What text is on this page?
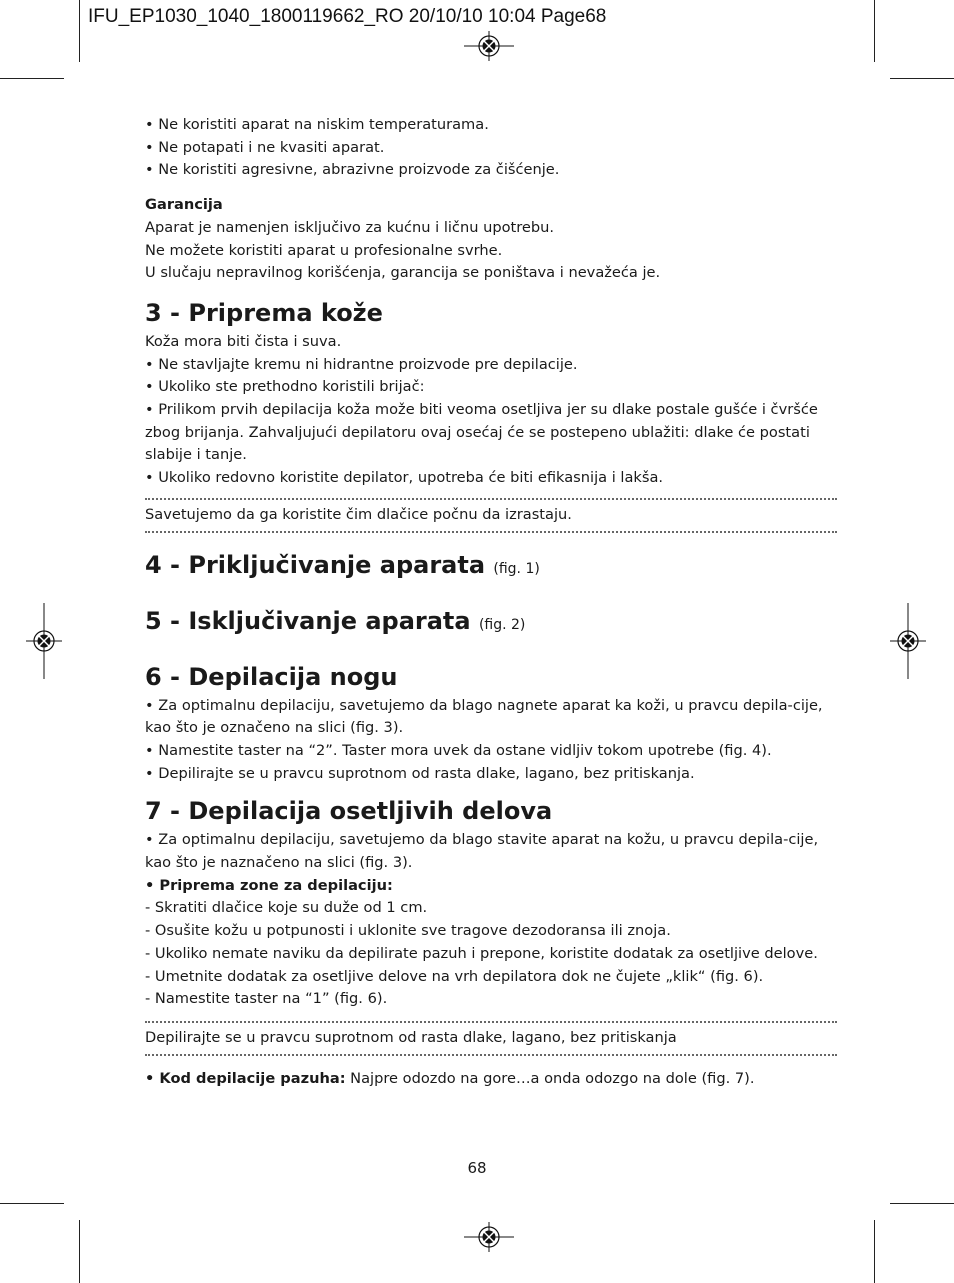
IFU_EP1030_1040_1800119662_RO 20/10/10 10:04 Page68

• Ne koristiti aparat na niskim temperaturama.

• Ne potapati i ne kvasiti aparat.

• Ne koristiti agresivne, abrazivne proizvode za čišćenje.

Garancija

Aparat je namenjen isključivo za kućnu i ličnu upotrebu.

Ne možete koristiti aparat u profesionalne svrhe.

U slučaju nepravilnog korišćenja, garancija se poništava i nevažeća je.

3 - Priprema kože

Koža mora biti čista i suva.

• Ne stavljajte kremu ni hidrantne proizvode pre depilacije.

• Ukoliko ste prethodno koristili brijač:

• Prilikom prvih depilacija koža može biti veoma osetljiva jer su dlake postale gušće i čvršće zbog brijanja. Zahvaljujući depilatoru ovaj osećaj će se postepeno ublažiti: dlake će postati slabije i tanje.

• Ukoliko redovno koristite depilator, upotreba će biti efikasnija i lakša.

Savetujemo da ga koristite čim dlačice počnu da izrastaju.

4 - Priključivanje aparata (fig. 1)
5 - Isključivanje aparata (fig. 2)
6 - Depilacija nogu

• Za optimalnu depilaciju, savetujemo da blago nagnete aparat ka koži, u pravcu depila-cije, kao što je označeno na slici (fig. 3).

• Namestite taster na “2”. Taster mora uvek da ostane vidljiv tokom upotrebe (fig. 4).

• Depilirajte se u pravcu suprotnom od rasta dlake, lagano, bez pritiskanja.

7 - Depilacija osetljivih delova

• Za optimalnu depilaciju, savetujemo da blago stavite aparat na kožu, u pravcu depila-cije, kao što je naznačeno na slici (fig. 3).

• Priprema zone za depilaciju:

- Skratiti dlačice koje su duže od 1 cm.

- Osušite kožu u potpunosti i uklonite sve tragove dezodoransa ili znoja.

- Ukoliko nemate naviku da depilirate pazuh i prepone, koristite dodatak za osetljive delove.

- Umetnite dodatak za osetljive delove na vrh depilatora dok ne čujete „klik“ (fig. 6).

- Namestite taster na “1” (fig. 6).

Depilirajte se u pravcu suprotnom od rasta dlake, lagano, bez pritiskanja

• Kod depilacije pazuha: Najpre odozdo na gore…a onda odozgo na dole (fig. 7).

68
